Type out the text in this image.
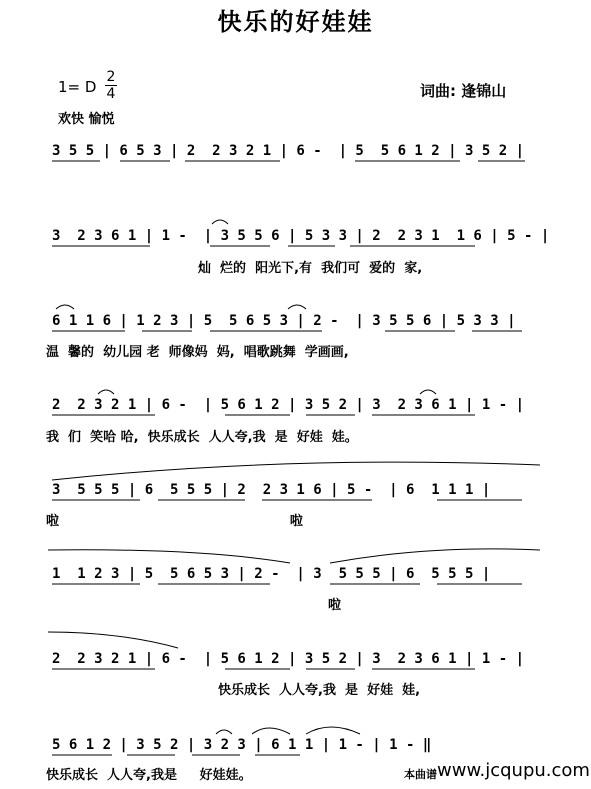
快乐的好娃娃
1= D $\frac{2}{4}$	词曲: 逢锦山
欢快 愉悦
3 5 5 | 6 5 3 | 2  2 3 2 1 | 6 -  | 5  5 6 1 2 | 3 5 2 |
3  2 3 6 1 | 1 -  | 3 5 5 6 | 5 3 3 | 2  2 3 1  1 6 | 5 - |
灿  烂的  阳光下,有  我们可  爱的  家,
6 1 1 6 | 1 2 3 | 5  5 6 5 3 | 2 -  | 3 5 5 6 | 5 3 3 |
温  馨的  幼儿园 老  师像妈  妈,  唱歌跳舞  学画画,
2  2 3 2 1 | 6 -  | 5 6 1 2 | 3 5 2 | 3  2 3 6 1 | 1 - |
我  们  笑哈 哈,  快乐成长  人人夸,我  是  好娃  娃。
3  5 5 5 | 6  5 5 5 | 2  2 3 1 6 | 5 -  | 6  1 1 1 |
啦                                                   啦
1  1 2 3 | 5  5 6 5 3 | 2 -  | 3  5 5 5 | 6  5 5 5 |
啦
2  2 3 2 1 | 6 -  | 5 6 1 2 | 3 5 2 | 3  2 3 6 1 | 1 - |
快乐成长  人人夸,我  是  好娃  娃,
5 6 1 2 | 3 5 2 | 3 2 3 | 6 1 1 | 1 - | 1 - ‖
快乐成长  人人夸,我是     好娃娃。	本曲谱 www.jcqupu.com
